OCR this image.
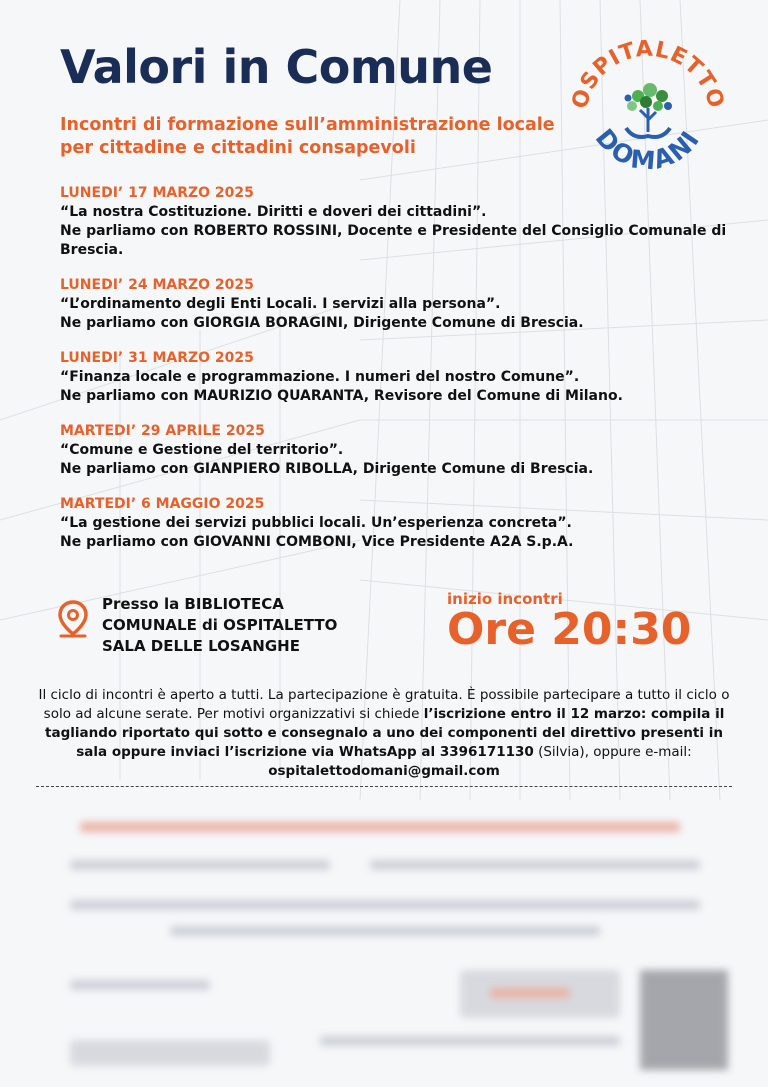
Valori in Comune

Incontri di formazione sull’amministrazione locale per cittadine e cittadini consapevoli

OSPITALETTO
DOMANI
LUNEDI’ 17 MARZO 2025
“La nostra Costituzione. Diritti e doveri dei cittadini”.
Ne parliamo con ROBERTO ROSSINI, Docente e Presidente del Consiglio Comunale di Brescia.
LUNEDI’ 24 MARZO 2025
“L’ordinamento degli Enti Locali. I servizi alla persona”.
Ne parliamo con GIORGIA BORAGINI, Dirigente Comune di Brescia.
LUNEDI’ 31 MARZO 2025
“Finanza locale e programmazione. I numeri del nostro Comune”.
Ne parliamo con MAURIZIO QUARANTA, Revisore del Comune di Milano.
MARTEDI’ 29 APRILE 2025
“Comune e Gestione del territorio”.
Ne parliamo con GIANPIERO RIBOLLA, Dirigente Comune di Brescia.
MARTEDI’ 6 MAGGIO 2025
“La gestione dei servizi pubblici locali. Un’esperienza concreta”.
Ne parliamo con GIOVANNI COMBONI, Vice Presidente A2A S.p.A.
Presso la BIBLIOTECA
COMUNALE di OSPITALETTO
SALA DELLE LOSANGHE
inizio incontri
Ore 20:30
Il ciclo di incontri è aperto a tutti. La partecipazione è gratuita. È possibile partecipare a tutto il ciclo o solo ad alcune serate. Per motivi organizzativi si chiede l’iscrizione entro il 12 marzo: compila il tagliando riportato qui sotto e consegnalo a uno dei componenti del direttivo presenti in sala oppure inviaci l’iscrizione via WhatsApp al 3396171130 (Silvia), oppure e-mail: ospitalettodomani@gmail.com
